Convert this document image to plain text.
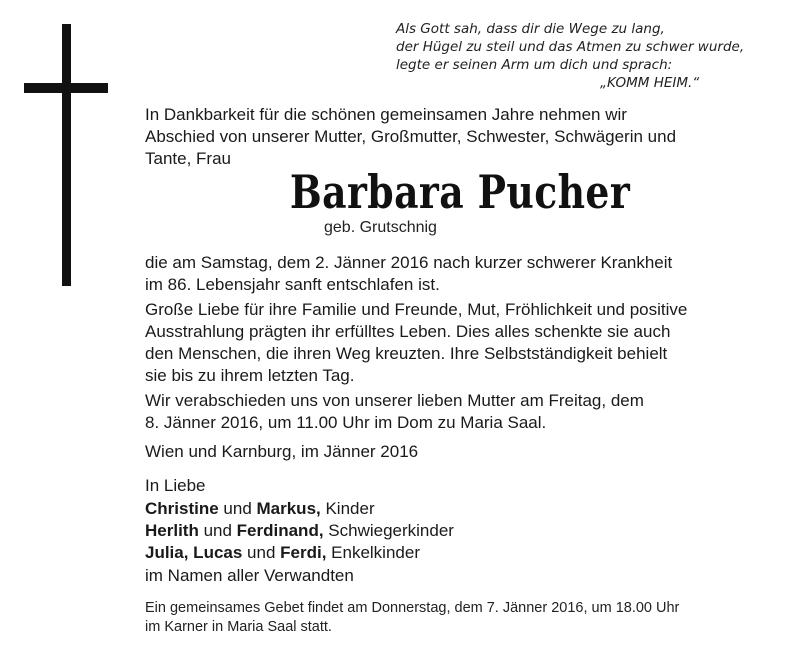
Als Gott sah, dass dir die Wege zu lang,
der Hügel zu steil und das Atmen zu schwer wurde,
legte er seinen Arm um dich und sprach:
„KOMM HEIM.“
In Dankbarkeit für die schönen gemeinsamen Jahre nehmen wir
Abschied von unserer Mutter, Großmutter, Schwester, Schwägerin und
Tante, Frau
Barbara Pucher
geb. Grutschnig
die am Samstag, dem 2. Jänner 2016 nach kurzer schwerer Krankheit
im 86. Lebensjahr sanft entschlafen ist.
Große Liebe für ihre Familie und Freunde, Mut, Fröhlichkeit und positive
Ausstrahlung prägten ihr erfülltes Leben. Dies alles schenkte sie auch
den Menschen, die ihren Weg kreuzten. Ihre Selbstständigkeit behielt
sie bis zu ihrem letzten Tag.
Wir verabschieden uns von unserer lieben Mutter am Freitag, dem
8. Jänner 2016, um 11.00 Uhr im Dom zu Maria Saal.
Wien und Karnburg, im Jänner 2016
In Liebe
Christine und Markus, Kinder
Herlith und Ferdinand, Schwiegerkinder
Julia, Lucas und Ferdi, Enkelkinder
im Namen aller Verwandten
Ein gemeinsames Gebet findet am Donnerstag, dem 7. Jänner 2016, um 18.00 Uhr
im Karner in Maria Saal statt.
